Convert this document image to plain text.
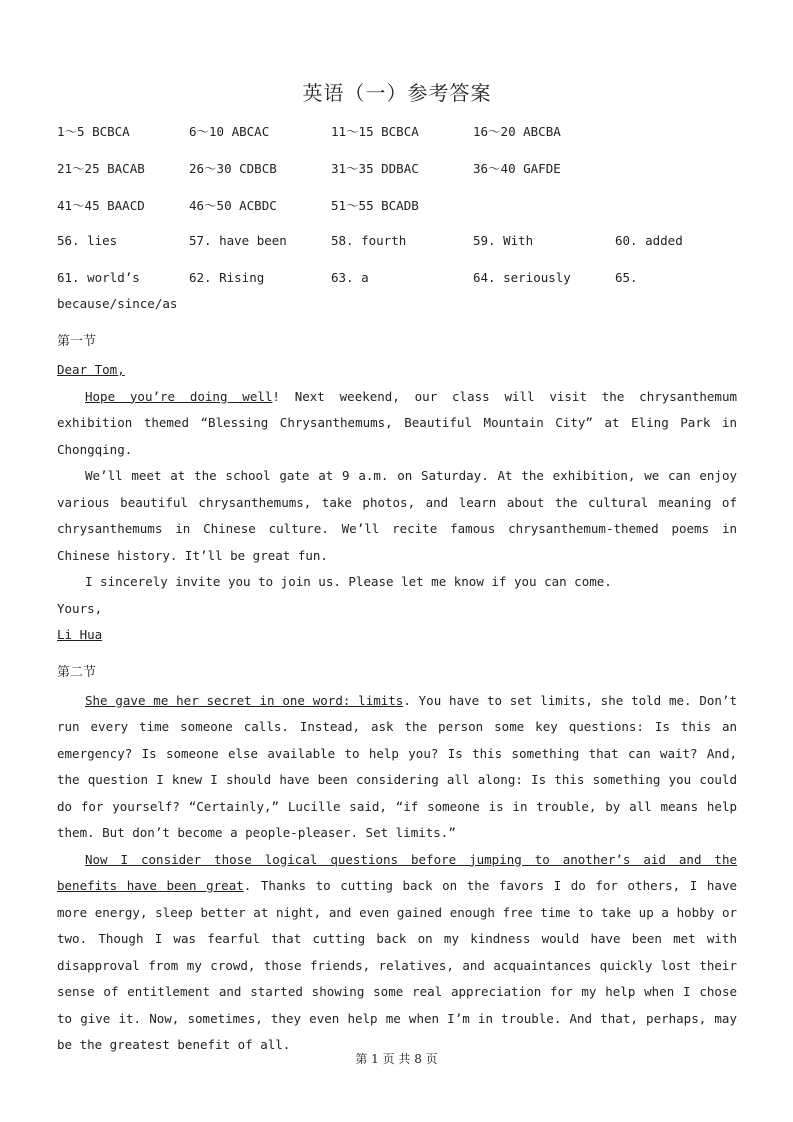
英语（一）参考答案
1～5 BCBCA	6～10 ABCAC	11～15 BCBCA	16～20 ABCBA
21～25 BACAB	26～30 CDBCB	31～35 DDBAC	36～40 GAFDE
41～45 BAACD	46～50 ACBDC	51～55 BCADB
56. lies	57. have been	58. fourth	59. With	60. added
61. world’s	62. Rising	63. a	64. seriously	65.
because/since/as
第一节

Dear Tom,

Hope you’re doing well! Next weekend, our class will visit the chrysanthemum exhibition themed “Blessing Chrysanthemums, Beautiful Mountain City” at Eling Park in Chongqing.

We’ll meet at the school gate at 9 a.m. on Saturday. At the exhibition, we can enjoy various beautiful chrysanthemums, take photos, and learn about the cultural meaning of chrysanthemums in Chinese culture. We’ll recite famous chrysanthemum-themed poems in Chinese history. It’ll be great fun.

I sincerely invite you to join us. Please let me know if you can come.

Yours,

Li Hua

第二节

She gave me her secret in one word: limits. You have to set limits, she told me. Don’t run every time someone calls. Instead, ask the person some key questions: Is this an emergency? Is someone else available to help you? Is this something that can wait? And, the question I knew I should have been considering all along: Is this something you could do for yourself? “Certainly,” Lucille said, “if someone is in trouble, by all means help them. But don’t become a people-pleaser. Set limits.”

Now I consider those logical questions before jumping to another’s aid and the benefits have been great. Thanks to cutting back on the favors I do for others, I have more energy, sleep better at night, and even gained enough free time to take up a hobby or two. Though I was fearful that cutting back on my kindness would have been met with disapproval from my crowd, those friends, relatives, and acquaintances quickly lost their sense of entitlement and started showing some real appreciation for my help when I chose to give it. Now, sometimes, they even help me when I’m in trouble. And that, perhaps, may be the greatest benefit of all.

第 1 页 共 8 页
